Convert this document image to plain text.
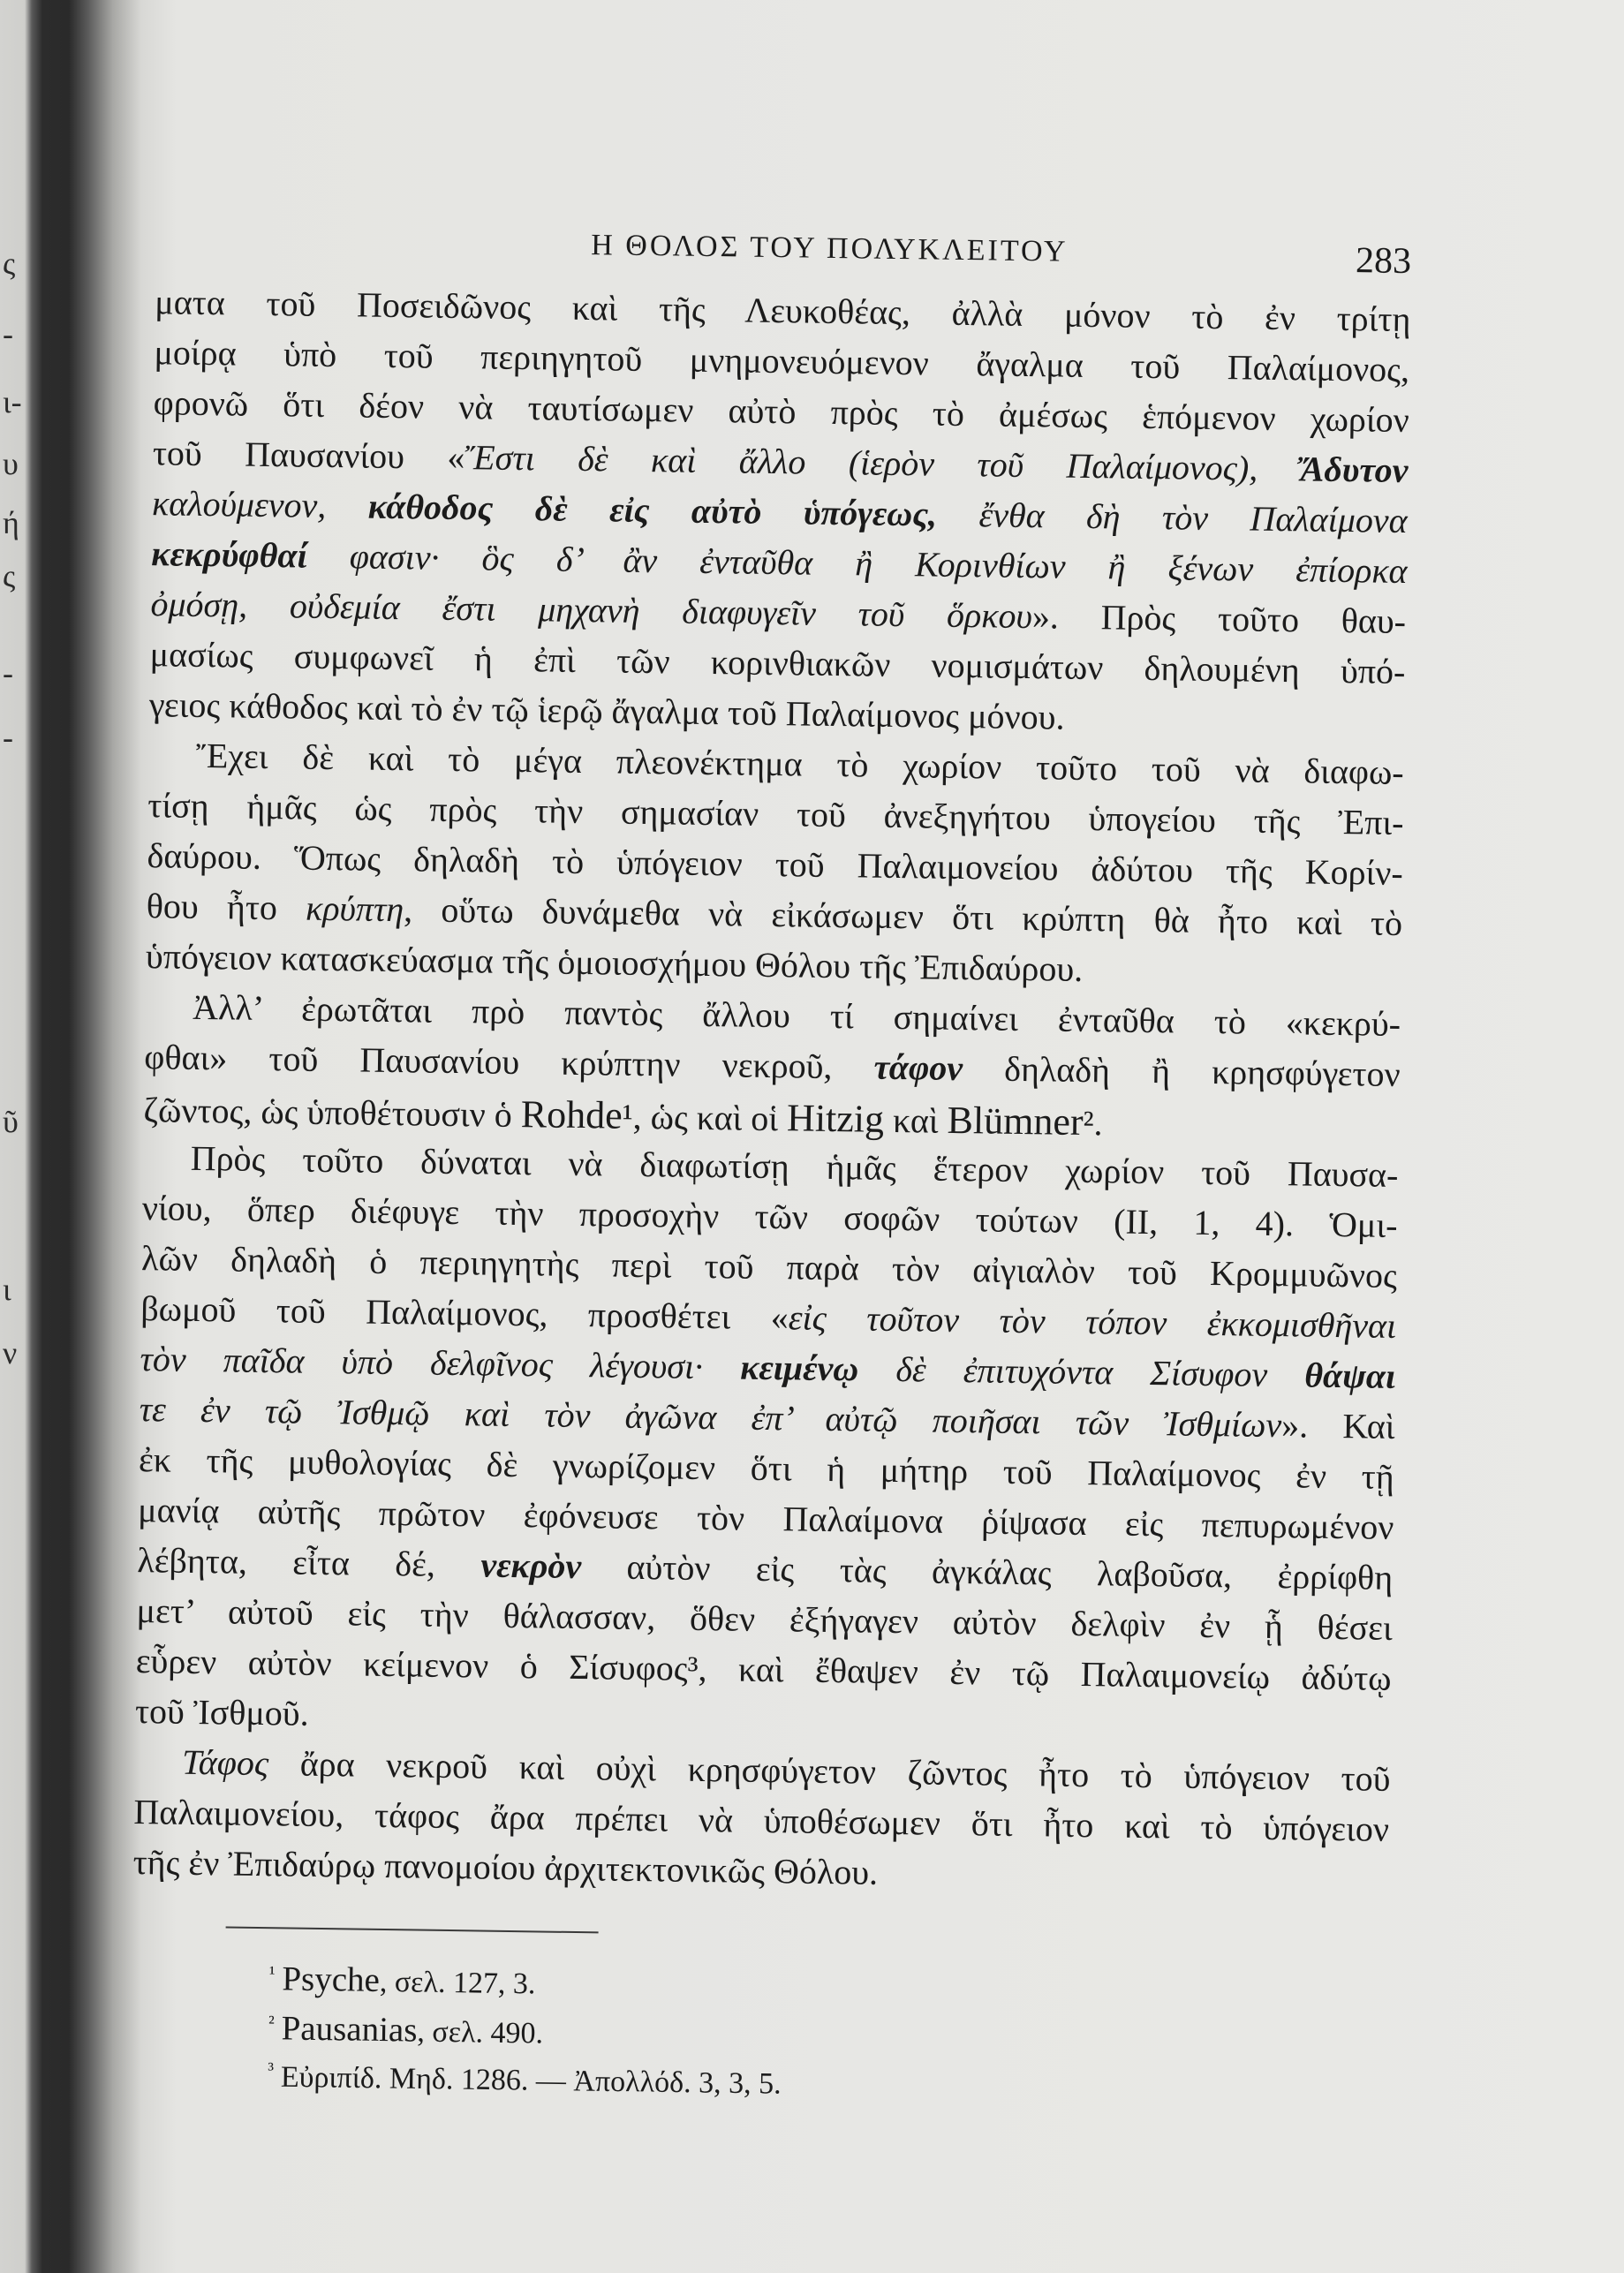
ς
-
ι-
υ
ή
ς
-
-
ῦ
ι
ν
Η ΘΟΛΟΣ ΤΟΥ ΠΟΛΥΚΛΕΙΤΟΥ	283
ματα τοῦ Ποσειδῶνος καὶ τῆς Λευκοθέας, ἀλλὰ μόνον τὸ ἐν τρίτῃ
μοίρᾳ ὑπὸ τοῦ περιηγητοῦ μνημονευόμενον ἄγαλμα τοῦ Παλαίμονος,
φρονῶ ὅτι δέον νὰ ταυτίσωμεν αὐτὸ πρὸς τὸ ἀμέσως ἑπόμενον χωρίον
τοῦ Παυσανίου «Ἔστι δὲ καὶ ἄλλο (ἱερὸν τοῦ Παλαίμονος), Ἄδυτον
καλούμενον, κάθοδος δὲ εἰς αὐτὸ ὑπόγεως, ἔνθα δὴ τὸν Παλαίμονα
κεκρύφθαί φασιν· ὃς δ’ ἂν ἐνταῦθα ἢ Κορινθίων ἢ ξένων ἐπίορκα
ὀμόσῃ, οὐδεμία ἔστι μηχανὴ διαφυγεῖν τοῦ ὅρκου». Πρὸς τοῦτο θαυ-
μασίως συμφωνεῖ ἡ ἐπὶ τῶν κορινθιακῶν νομισμάτων δηλουμένη ὑπό-
γειος κάθοδος καὶ τὸ ἐν τῷ ἱερῷ ἄγαλμα τοῦ Παλαίμονος μόνου.
Ἔχει δὲ καὶ τὸ μέγα πλεονέκτημα τὸ χωρίον τοῦτο τοῦ νὰ διαφω-
τίσῃ ἡμᾶς ὡς πρὸς τὴν σημασίαν τοῦ ἀνεξηγήτου ὑπογείου τῆς Ἐπι-
δαύρου. Ὅπως δηλαδὴ τὸ ὑπόγειον τοῦ Παλαιμονείου ἀδύτου τῆς Κορίν-
θου ἦτο κρύπτη, οὕτω δυνάμεθα νὰ εἰκάσωμεν ὅτι κρύπτη θὰ ἦτο καὶ τὸ
ὑπόγειον κατασκεύασμα τῆς ὁμοιοσχήμου Θόλου τῆς Ἐπιδαύρου.
Ἀλλ’ ἐρωτᾶται πρὸ παντὸς ἄλλου τί σημαίνει ἐνταῦθα τὸ «κεκρύ-
φθαι» τοῦ Παυσανίου κρύπτην νεκροῦ, τάφον δηλαδὴ ἢ κρησφύγετον
ζῶντος, ὡς ὑποθέτουσιν ὁ Rohde¹, ὡς καὶ οἱ Hitzig καὶ Blümner².
Πρὸς τοῦτο δύναται νὰ διαφωτίσῃ ἡμᾶς ἕτερον χωρίον τοῦ Παυσα-
νίου, ὅπερ διέφυγε τὴν προσοχὴν τῶν σοφῶν τούτων (II, 1, 4). Ὁμι-
λῶν δηλαδὴ ὁ περιηγητὴς περὶ τοῦ παρὰ τὸν αἰγιαλὸν τοῦ Κρομμυῶνος
βωμοῦ τοῦ Παλαίμονος, προσθέτει «εἰς τοῦτον τὸν τόπον ἐκκομισθῆναι
τὸν παῖδα ὑπὸ δελφῖνος λέγουσι· κειμένῳ δὲ ἐπιτυχόντα Σίσυφον θάψαι
τε ἐν τῷ Ἰσθμῷ καὶ τὸν ἀγῶνα ἐπ’ αὐτῷ ποιῆσαι τῶν Ἰσθμίων». Καὶ
ἐκ τῆς μυθολογίας δὲ γνωρίζομεν ὅτι ἡ μήτηρ τοῦ Παλαίμονος ἐν τῇ
μανίᾳ αὐτῆς πρῶτον ἐφόνευσε τὸν Παλαίμονα ῥίψασα εἰς πεπυρωμένον
λέβητα, εἶτα δέ, νεκρὸν αὐτὸν εἰς τὰς ἀγκάλας λαβοῦσα, ἐρρίφθη
μετ’ αὐτοῦ εἰς τὴν θάλασσαν, ὅθεν ἐξήγαγεν αὐτὸν δελφὶν ἐν ᾗ θέσει
εὗρεν αὐτὸν κείμενον ὁ Σίσυφος³, καὶ ἔθαψεν ἐν τῷ Παλαιμονείῳ ἀδύτῳ
τοῦ Ἰσθμοῦ.
Τάφος ἄρα νεκροῦ καὶ οὐχὶ κρησφύγετον ζῶντος ἦτο τὸ ὑπόγειον τοῦ
Παλαιμονείου, τάφος ἄρα πρέπει νὰ ὑποθέσωμεν ὅτι ἦτο καὶ τὸ ὑπόγειον
τῆς ἐν Ἐπιδαύρῳ πανομοίου ἀρχιτεκτονικῶς Θόλου.
$^{^1}$ Psyche, σελ. 127, 3.
$^{^2}$ Pausanias, σελ. 490.
$^{^3}$ Εὐριπίδ. Μηδ. 1286. — Ἀπολλόδ. 3, 3, 5.
